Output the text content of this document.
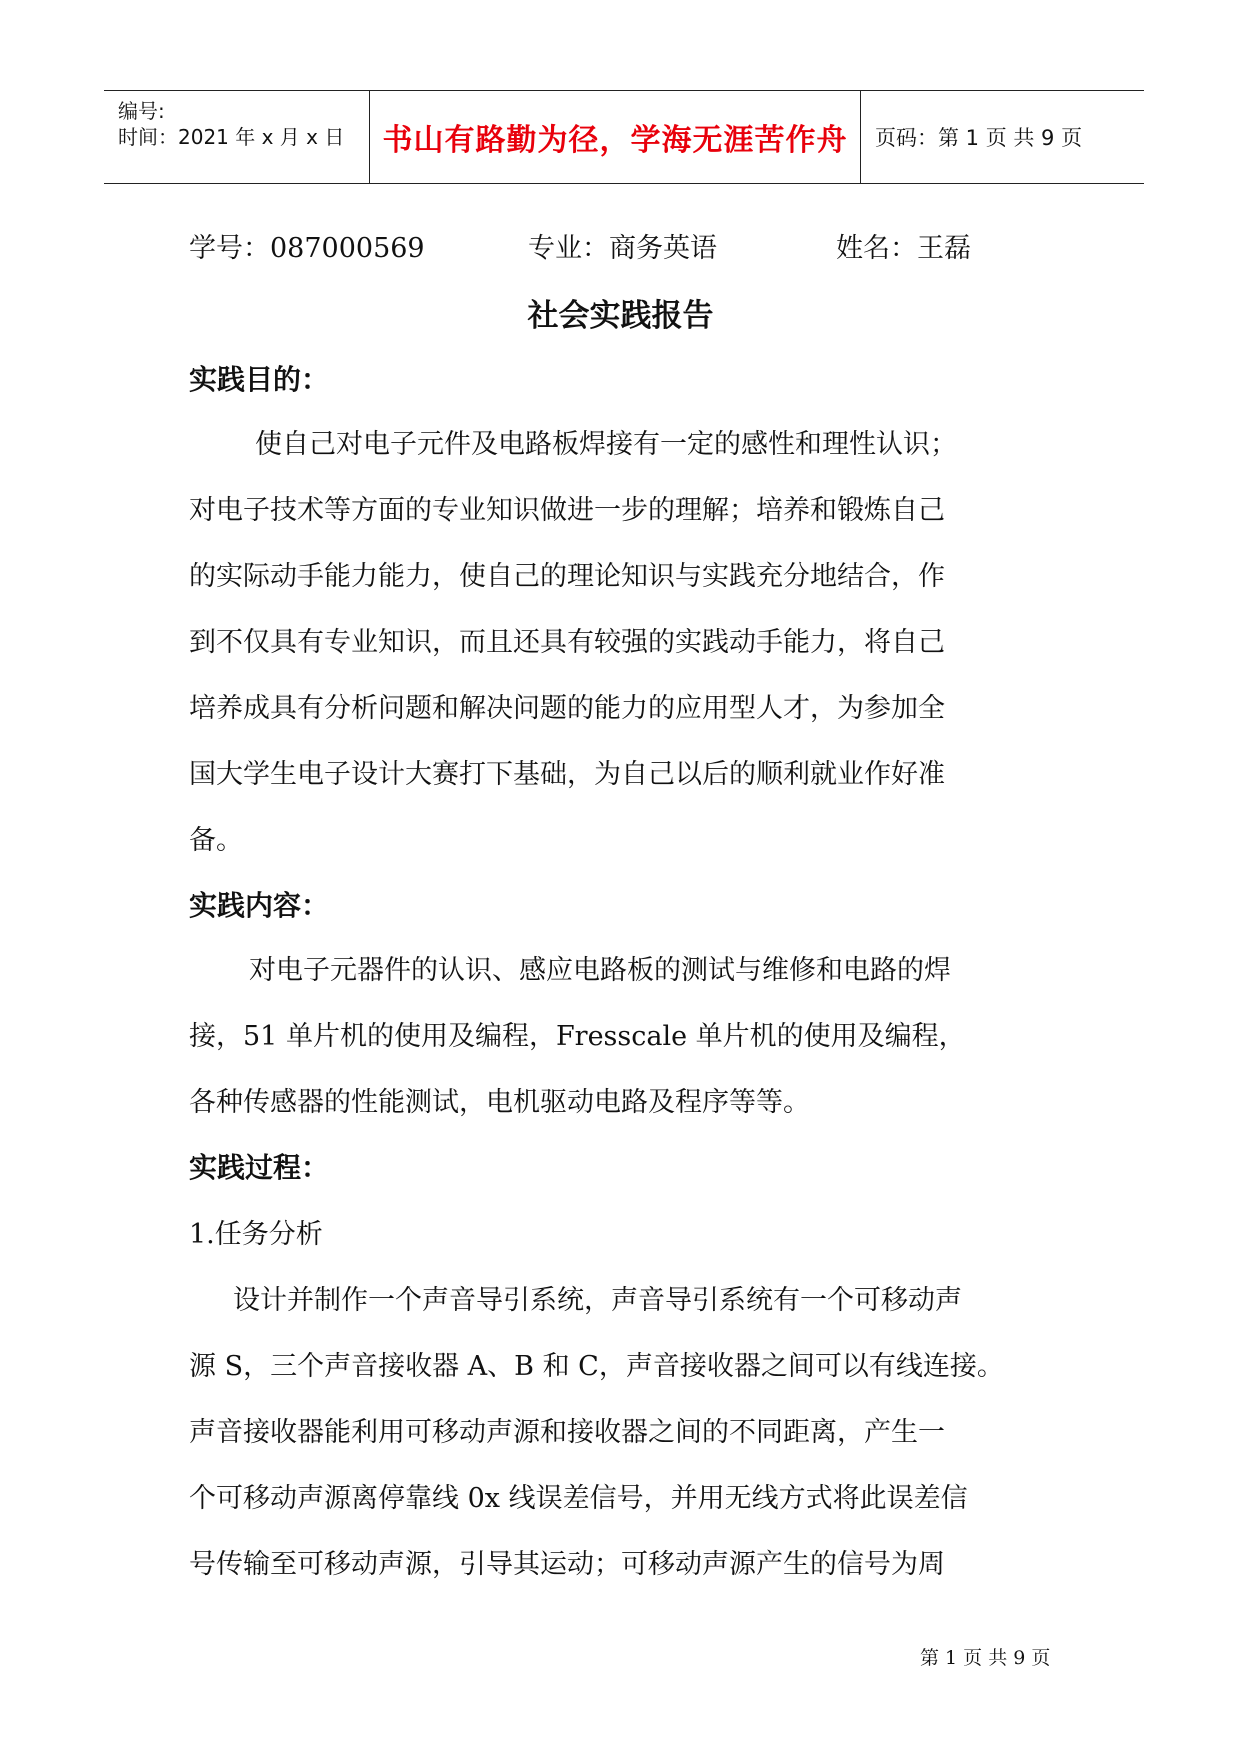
编号:
时间：2021 年 x 月 x 日 书山有路勤为径，学海无涯苦作舟 页码：第 1 页 共 9 页
学号：087000569	专业：商务英语	姓名：王磊
社会实践报告
实践目的：
使自己对电子元件及电路板焊接有一定的感性和理性认识；
对电子技术等方面的专业知识做进一步的理解；培养和锻炼自己
的实际动手能力能力，使自己的理论知识与实践充分地结合，作
到不仅具有专业知识，而且还具有较强的实践动手能力，将自己
培养成具有分析问题和解决问题的能力的应用型人才，为参加全
国大学生电子设计大赛打下基础，为自己以后的顺利就业作好准
备。
实践内容：
对电子元器件的认识、感应电路板的测试与维修和电路的焊
接，51 单片机的使用及编程，Fresscale 单片机的使用及编程，
各种传感器的性能测试，电机驱动电路及程序等等。
实践过程：
1.任务分析
设计并制作一个声音导引系统，声音导引系统有一个可移动声
源 S，三个声音接收器 A、B 和 C，声音接收器之间可以有线连接。
声音接收器能利用可移动声源和接收器之间的不同距离，产生一
个可移动声源离停靠线 0x 线误差信号，并用无线方式将此误差信
号传输至可移动声源，引导其运动；可移动声源产生的信号为周
第 1 页 共 9 页
